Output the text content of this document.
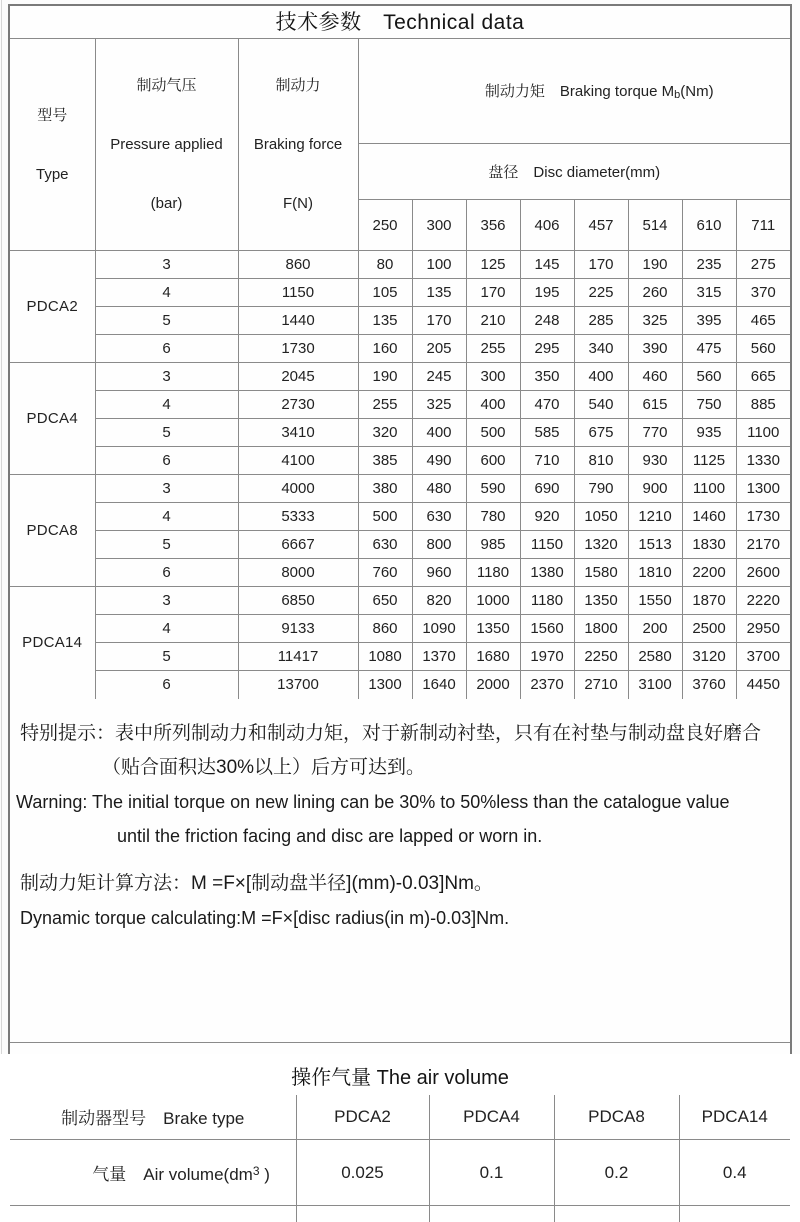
技术参数　Technical data

型号

Type

制动气压

Pressure applied

(bar)

制动力

Braking force

F(N)

制动力矩　Braking torque Mb(Nm)

			盘径　Disc diameter(mm)							
			250	300	356	406	457	514	610	711
PDCA2	3	860	80	100	125	145	170	190	235	275
	4	1150	105	135	170	195	225	260	315	370
	5	1440	135	170	210	248	285	325	395	465
	6	1730	160	205	255	295	340	390	475	560
PDCA4	3	2045	190	245	300	350	400	460	560	665
	4	2730	255	325	400	470	540	615	750	885
	5	3410	320	400	500	585	675	770	935	1100
	6	4100	385	490	600	710	810	930	1125	1330
PDCA8	3	4000	380	480	590	690	790	900	1100	1300
	4	5333	500	630	780	920	1050	1210	1460	1730
	5	6667	630	800	985	1150	1320	1513	1830	2170
	6	8000	760	960	1180	1380	1580	1810	2200	2600
PDCA14	3	6850	650	820	1000	1180	1350	1550	1870	2220
	4	9133	860	1090	1350	1560	1800	200	2500	2950
	5	11417	1080	1370	1680	1970	2250	2580	3120	3700
	6	13700	1300	1640	2000	2370	2710	3100	3760	4450
特别提示：表中所列制动力和制动力矩，对于新制动衬垫，只有在衬垫与制动盘良好磨合
（贴合面积达30%以上）后方可达到。
Warning: The initial torque on new lining can be 30% to 50%less than the catalogue value
until the friction facing and disc are lapped or worn in.
制动力矩计算方法：M =F×[制动盘半径](mm)-0.03]Nm。
Dynamic torque calculating:M =F×[disc radius(in m)-0.03]Nm.
操作气量 The air volume
制动器型号　Brake type	PDCA2	PDCA4	PDCA8	PDCA14

气量　Air $volume(dm^3$ )	0.025	0.1	0.2	0.4
